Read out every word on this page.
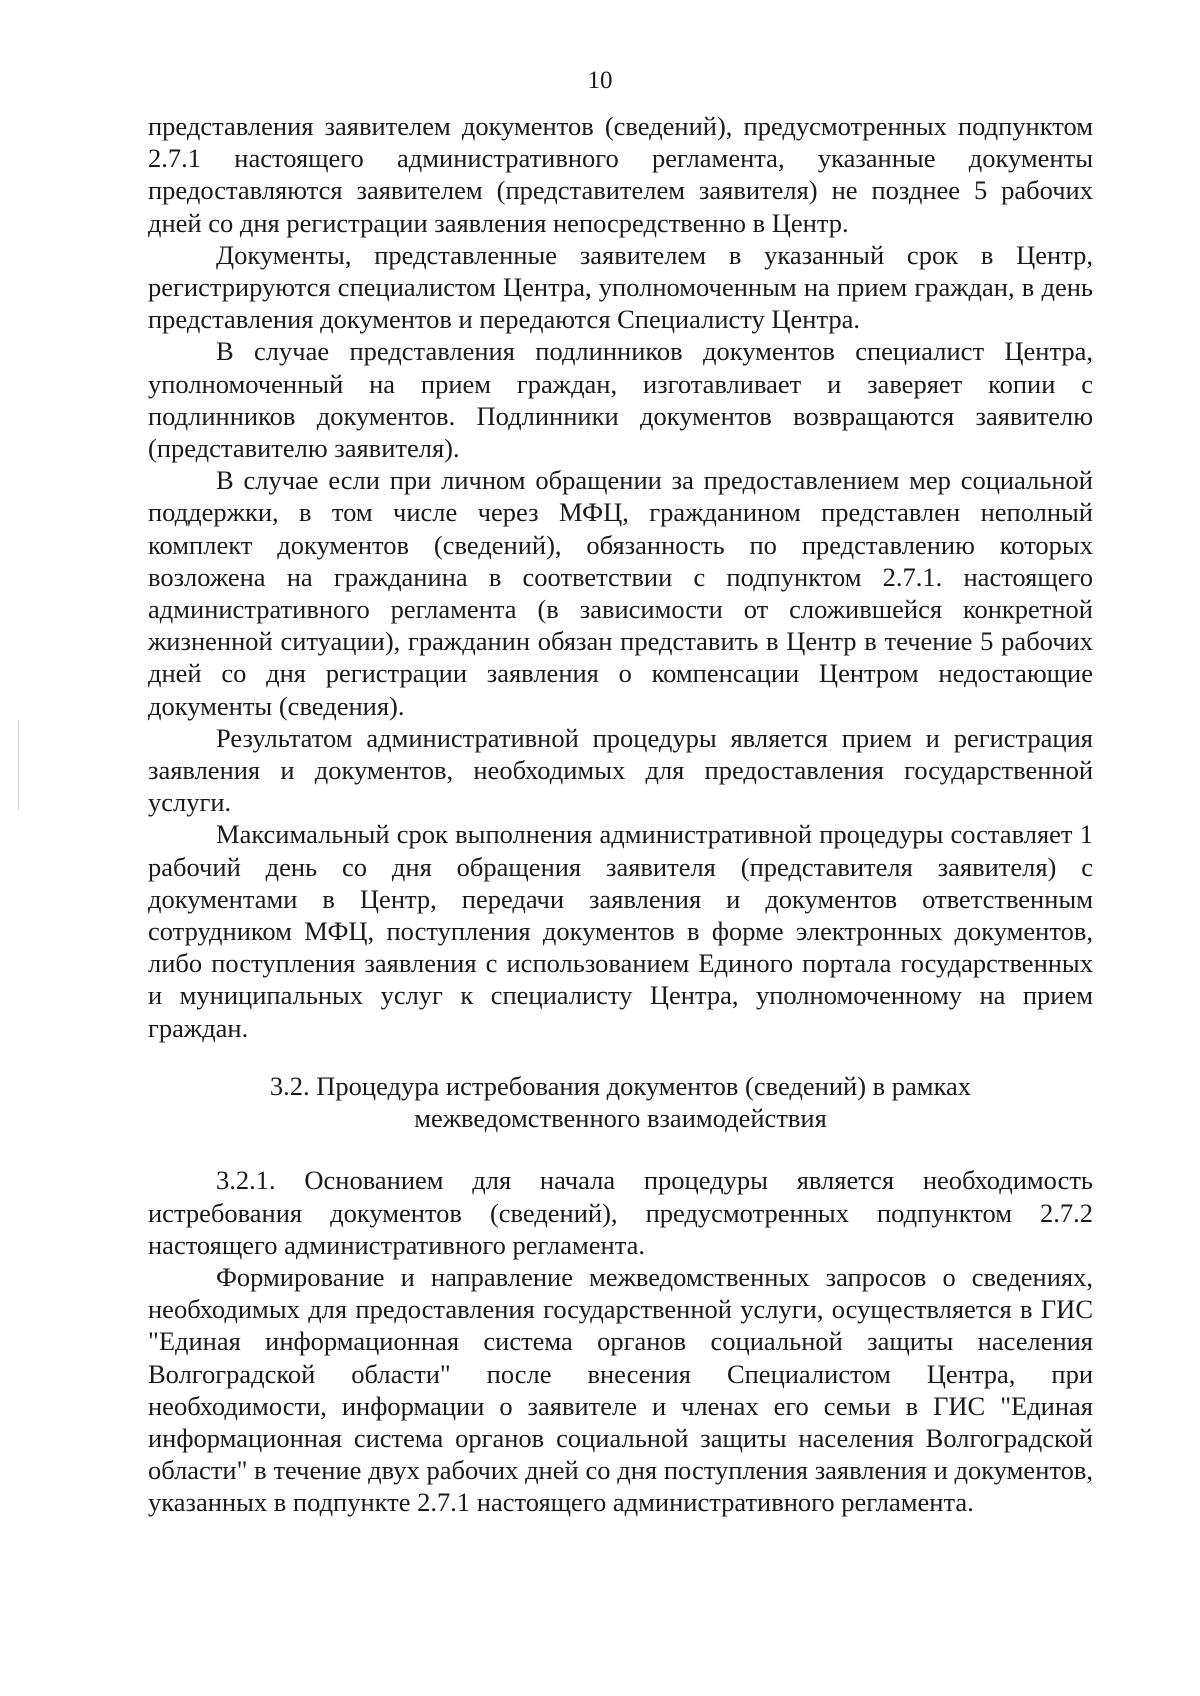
10

представления заявителем документов (сведений), предусмотренных подпунктом 2.7.1 настоящего административного регламента, указанные документы предоставляются заявителем (представителем заявителя) не позднее 5 рабочих дней со дня регистрации заявления непосредственно в Центр.

Документы, представленные заявителем в указанный срок в Центр, регистрируются специалистом Центра, уполномоченным на прием граждан, в день представления документов и передаются Специалисту Центра.

В случае представления подлинников документов специалист Центра, уполномоченный на прием граждан, изготавливает и заверяет копии с подлинников документов. Подлинники документов возвращаются заявителю (представителю заявителя).

В случае если при личном обращении за предоставлением мер социальной поддержки, в том числе через МФЦ, гражданином представлен неполный комплект документов (сведений), обязанность по представлению которых возложена на гражданина в соответствии с подпунктом 2.7.1. настоящего административного регламента (в зависимости от сложившейся конкретной жизненной ситуации), гражданин обязан представить в Центр в течение 5 рабочих дней со дня регистрации заявления о компенсации Центром недостающие документы (сведения).

Результатом административной процедуры является прием и регистрация заявления и документов, необходимых для предоставления государственной услуги.

Максимальный срок выполнения административной процедуры составляет 1 рабочий день со дня обращения заявителя (представителя заявителя) с документами в Центр, передачи заявления и документов ответственным сотрудником МФЦ, поступления документов в форме электронных документов, либо поступления заявления с использованием Единого портала государственных и муниципальных услуг к специалисту Центра, уполномоченному на прием граждан.

3.2. Процедура истребования документов (сведений) в рамках
межведомственного взаимодействия

3.2.1. Основанием для начала процедуры является необходимость истребования документов (сведений), предусмотренных подпунктом 2.7.2 настоящего административного регламента.

Формирование и направление межведомственных запросов о сведениях, необходимых для предоставления государственной услуги, осуществляется в ГИС "Единая информационная система органов социальной защиты населения Волгоградской области" после внесения Специалистом Центра, при необходимости, информации о заявителе и членах его семьи в ГИС "Единая информационная система органов социальной защиты населения Волгоградской области" в течение двух рабочих дней со дня поступления заявления и документов, указанных в подпункте 2.7.1 настоящего административного регламента.
